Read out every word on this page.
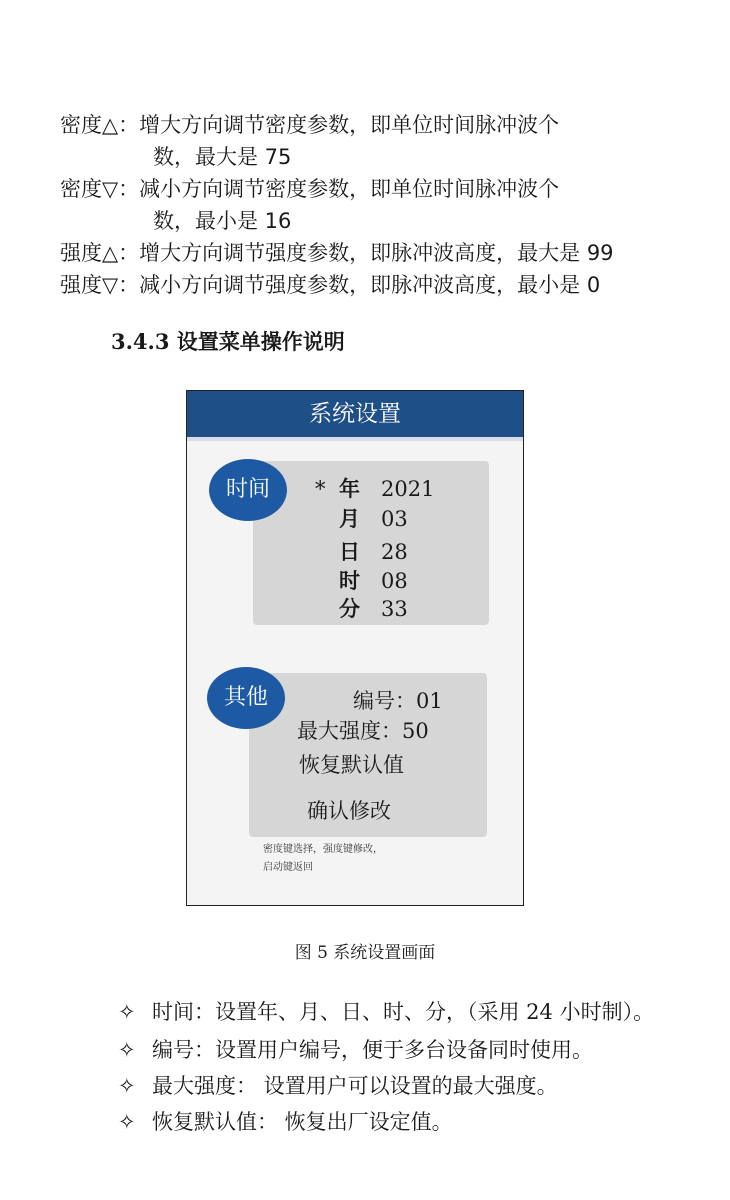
密度△：增大方向调节密度参数，即单位时间脉冲波个
数，最大是 75
密度▽：减小方向调节密度参数，即单位时间脉冲波个
数，最小是 16
强度△：增大方向调节强度参数，即脉冲波高度，最大是 99
强度▽：减小方向调节强度参数，即脉冲波高度，最小是 0
3.4.3 设置菜单操作说明
系统设置
时间	* 年 2021
月 03
日 28
时 08
分 33
其他	编号：01
最大强度：50
恢复默认值
确认修改
密度键选择，强度键修改，
启动键返回
图 5 系统设置画面
✧ 时间：设置年、月、日、时、分，（采用 24 小时制）。
✧ 编号：设置用户编号，便于多台设备同时使用。
✧ 最大强度： 设置用户可以设置的最大强度。
✧ 恢复默认值： 恢复出厂设定值。
